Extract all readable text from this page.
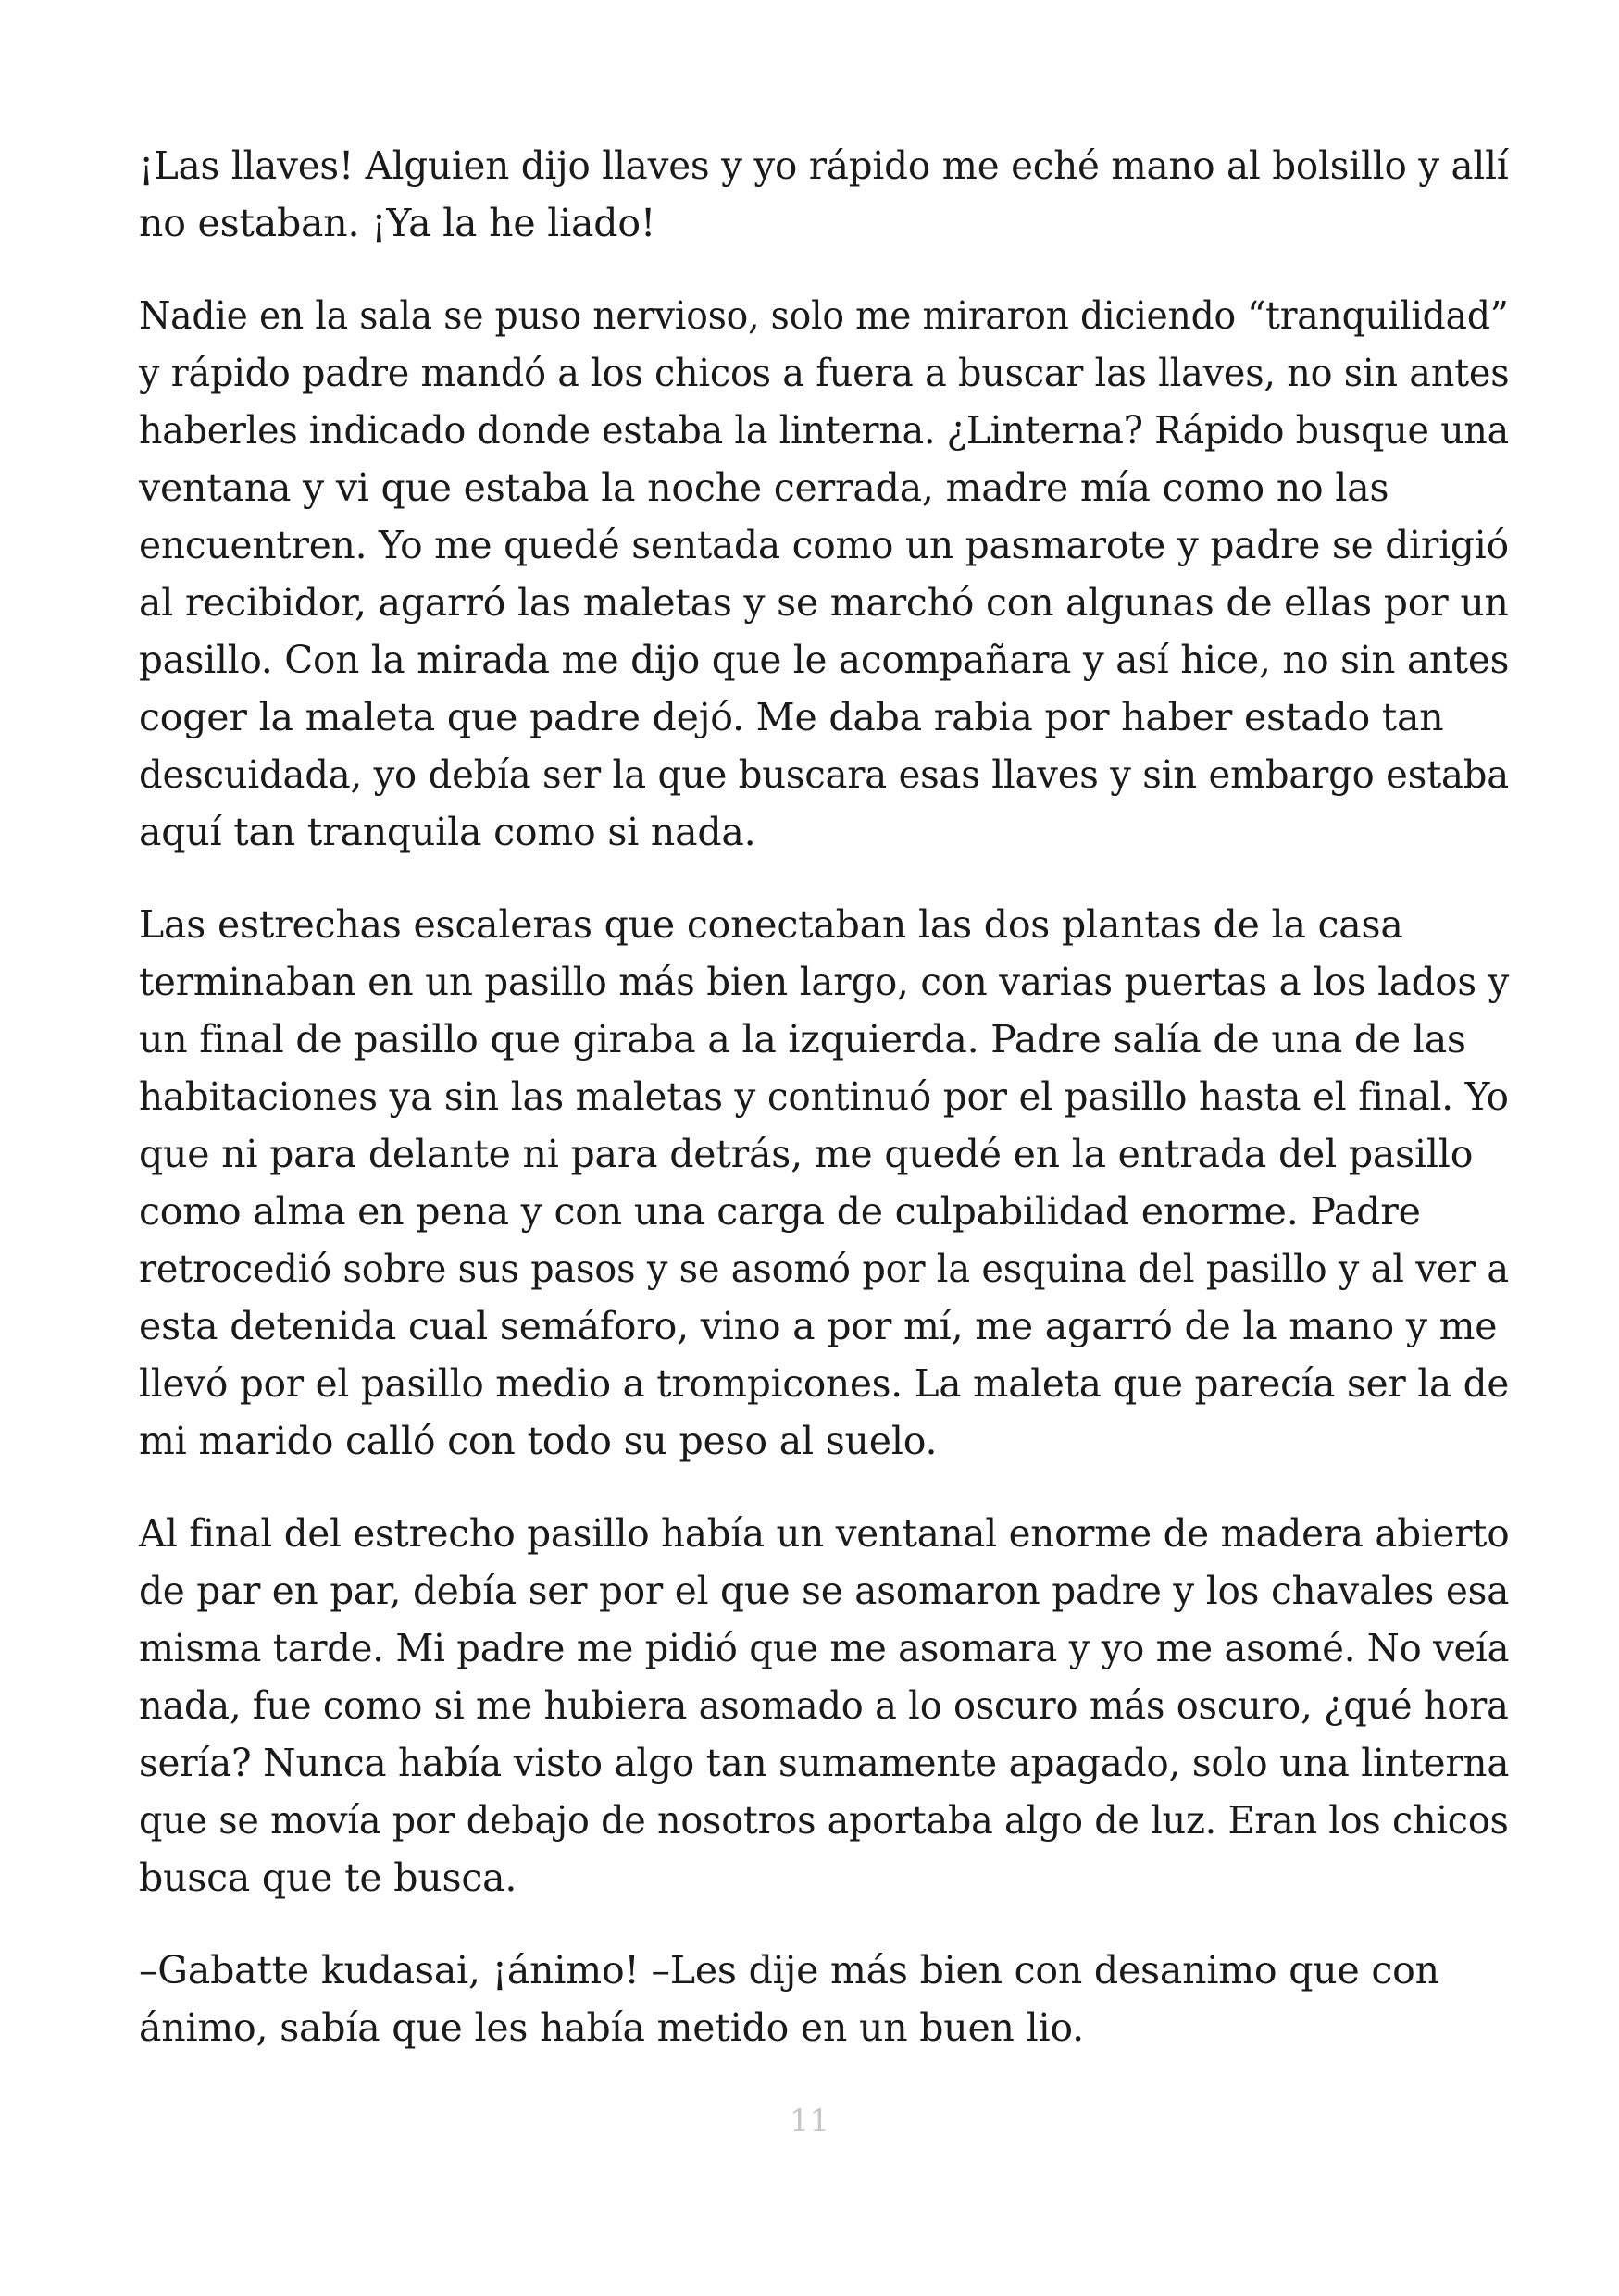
¡Las llaves! Alguien dijo llaves y yo rápido me eché mano al bolsillo y allí
no estaban. ¡Ya la he liado!
Nadie en la sala se puso nervioso, solo me miraron diciendo “tranquilidad”
y rápido padre mandó a los chicos a fuera a buscar las llaves, no sin antes
haberles indicado donde estaba la linterna. ¿Linterna? Rápido busque una
ventana y vi que estaba la noche cerrada, madre mía como no las
encuentren. Yo me quedé sentada como un pasmarote y padre se dirigió
al recibidor, agarró las maletas y se marchó con algunas de ellas por un
pasillo. Con la mirada me dijo que le acompañara y así hice, no sin antes
coger la maleta que padre dejó. Me daba rabia por haber estado tan
descuidada, yo debía ser la que buscara esas llaves y sin embargo estaba
aquí tan tranquila como si nada.
Las estrechas escaleras que conectaban las dos plantas de la casa
terminaban en un pasillo más bien largo, con varias puertas a los lados y
un final de pasillo que giraba a la izquierda. Padre salía de una de las
habitaciones ya sin las maletas y continuó por el pasillo hasta el final. Yo
que ni para delante ni para detrás, me quedé en la entrada del pasillo
como alma en pena y con una carga de culpabilidad enorme. Padre
retrocedió sobre sus pasos y se asomó por la esquina del pasillo y al ver a
esta detenida cual semáforo, vino a por mí, me agarró de la mano y me
llevó por el pasillo medio a trompicones. La maleta que parecía ser la de
mi marido calló con todo su peso al suelo.
Al final del estrecho pasillo había un ventanal enorme de madera abierto
de par en par, debía ser por el que se asomaron padre y los chavales esa
misma tarde. Mi padre me pidió que me asomara y yo me asomé. No veía
nada, fue como si me hubiera asomado a lo oscuro más oscuro, ¿qué hora
sería? Nunca había visto algo tan sumamente apagado, solo una linterna
que se movía por debajo de nosotros aportaba algo de luz. Eran los chicos
busca que te busca.
–Gabatte kudasai, ¡ánimo! –Les dije más bien con desanimo que con
ánimo, sabía que les había metido en un buen lio.
11
